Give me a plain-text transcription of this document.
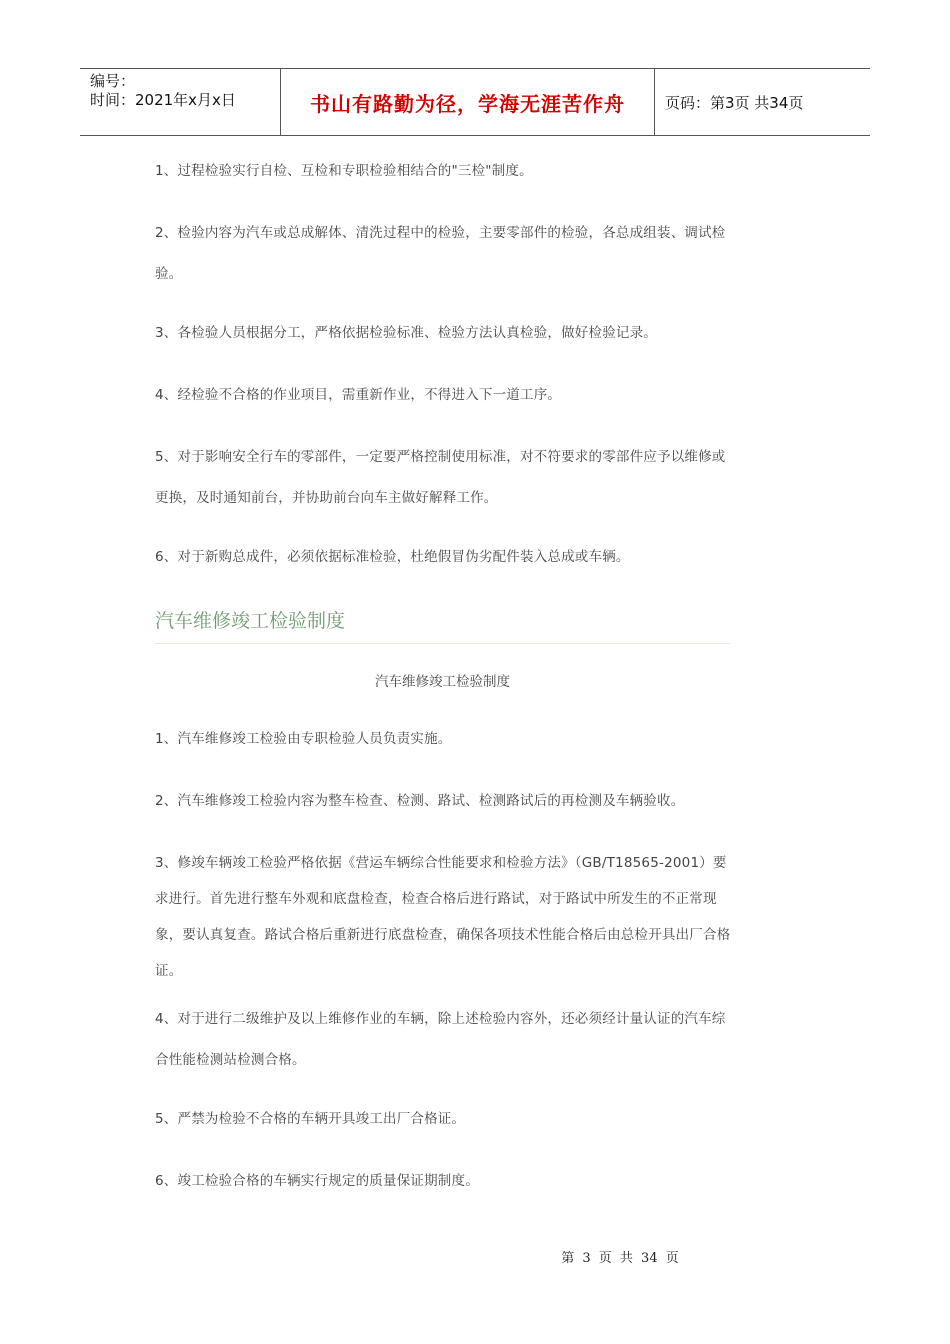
编号：
时间：2021年x月x日	书山有路勤为径，学海无涯苦作舟	页码：第3页 共34页
1、过程检验实行自检、互检和专职检验相结合的"三检"制度。
2、检验内容为汽车或总成解体、清洗过程中的检验，主要零部件的检验，各总成组装、调试检验。
3、各检验人员根据分工，严格依据检验标准、检验方法认真检验，做好检验记录。
4、经检验不合格的作业项目，需重新作业，不得进入下一道工序。
5、对于影响安全行车的零部件，一定要严格控制使用标准，对不符要求的零部件应予以维修或更换，及时通知前台，并协助前台向车主做好解释工作。
6、对于新购总成件，必须依据标准检验，杜绝假冒伪劣配件装入总成或车辆。
汽车维修竣工检验制度
汽车维修竣工检验制度
1、汽车维修竣工检验由专职检验人员负责实施。
2、汽车维修竣工检验内容为整车检查、检测、路试、检测路试后的再检测及车辆验收。
3、修竣车辆竣工检验严格依据《营运车辆综合性能要求和检验方法》（GB/T18565-2001）要求进行。首先进行整车外观和底盘检查，检查合格后进行路试，对于路试中所发生的不正常现象，要认真复查。路试合格后重新进行底盘检查，确保各项技术性能合格后由总检开具出厂合格证。
4、对于进行二级维护及以上维修作业的车辆，除上述检验内容外，还必须经计量认证的汽车综合性能检测站检测合格。
5、严禁为检验不合格的车辆开具竣工出厂合格证。
6、竣工检验合格的车辆实行规定的质量保证期制度。
第 3 页 共 34 页
